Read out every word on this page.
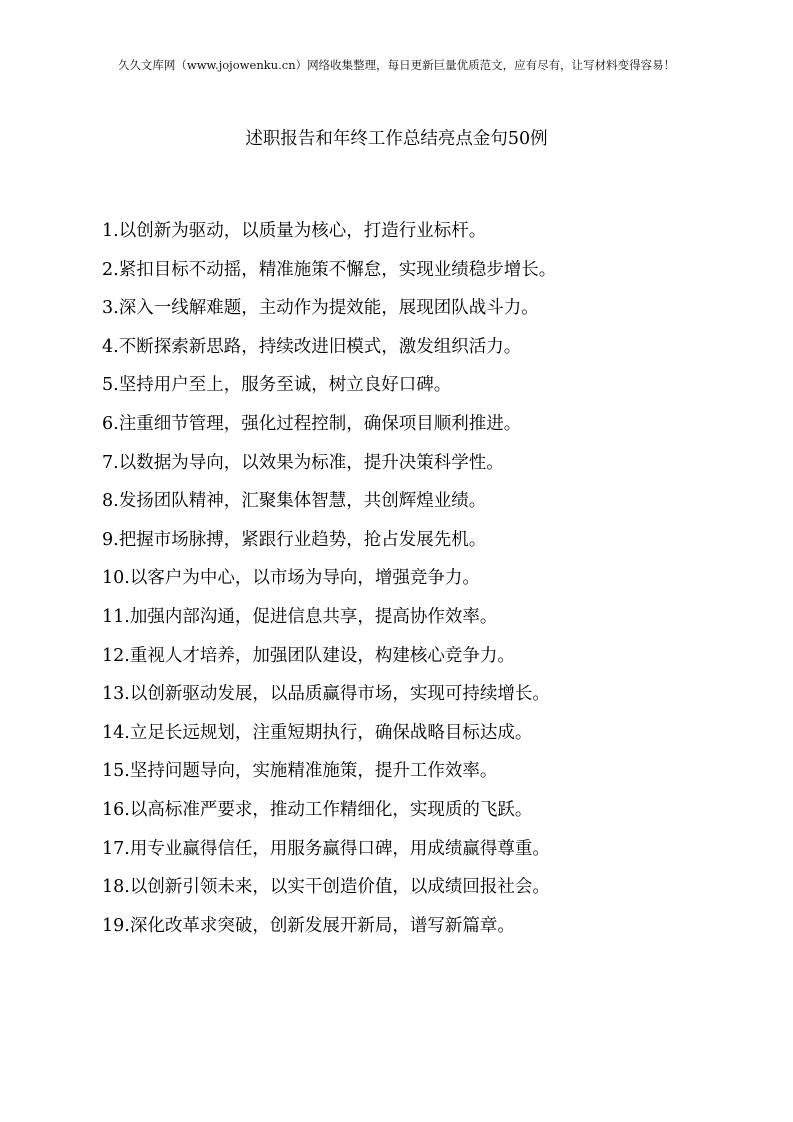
久久文库网（www.jojowenku.cn）网络收集整理，每日更新巨量优质范文，应有尽有，让写材料变得容易！
述职报告和年终工作总结亮点金句50例
1.以创新为驱动，以质量为核心，打造行业标杆。
2.紧扣目标不动摇，精准施策不懈怠，实现业绩稳步增长。
3.深入一线解难题，主动作为提效能，展现团队战斗力。
4.不断探索新思路，持续改进旧模式，激发组织活力。
5.坚持用户至上，服务至诚，树立良好口碑。
6.注重细节管理，强化过程控制，确保项目顺利推进。
7.以数据为导向，以效果为标准，提升决策科学性。
8.发扬团队精神，汇聚集体智慧，共创辉煌业绩。
9.把握市场脉搏，紧跟行业趋势，抢占发展先机。
10.以客户为中心，以市场为导向，增强竞争力。
11.加强内部沟通，促进信息共享，提高协作效率。
12.重视人才培养，加强团队建设，构建核心竞争力。
13.以创新驱动发展，以品质赢得市场，实现可持续增长。
14.立足长远规划，注重短期执行，确保战略目标达成。
15.坚持问题导向，实施精准施策，提升工作效率。
16.以高标准严要求，推动工作精细化，实现质的飞跃。
17.用专业赢得信任，用服务赢得口碑，用成绩赢得尊重。
18.以创新引领未来，以实干创造价值，以成绩回报社会。
19.深化改革求突破，创新发展开新局，谱写新篇章。
